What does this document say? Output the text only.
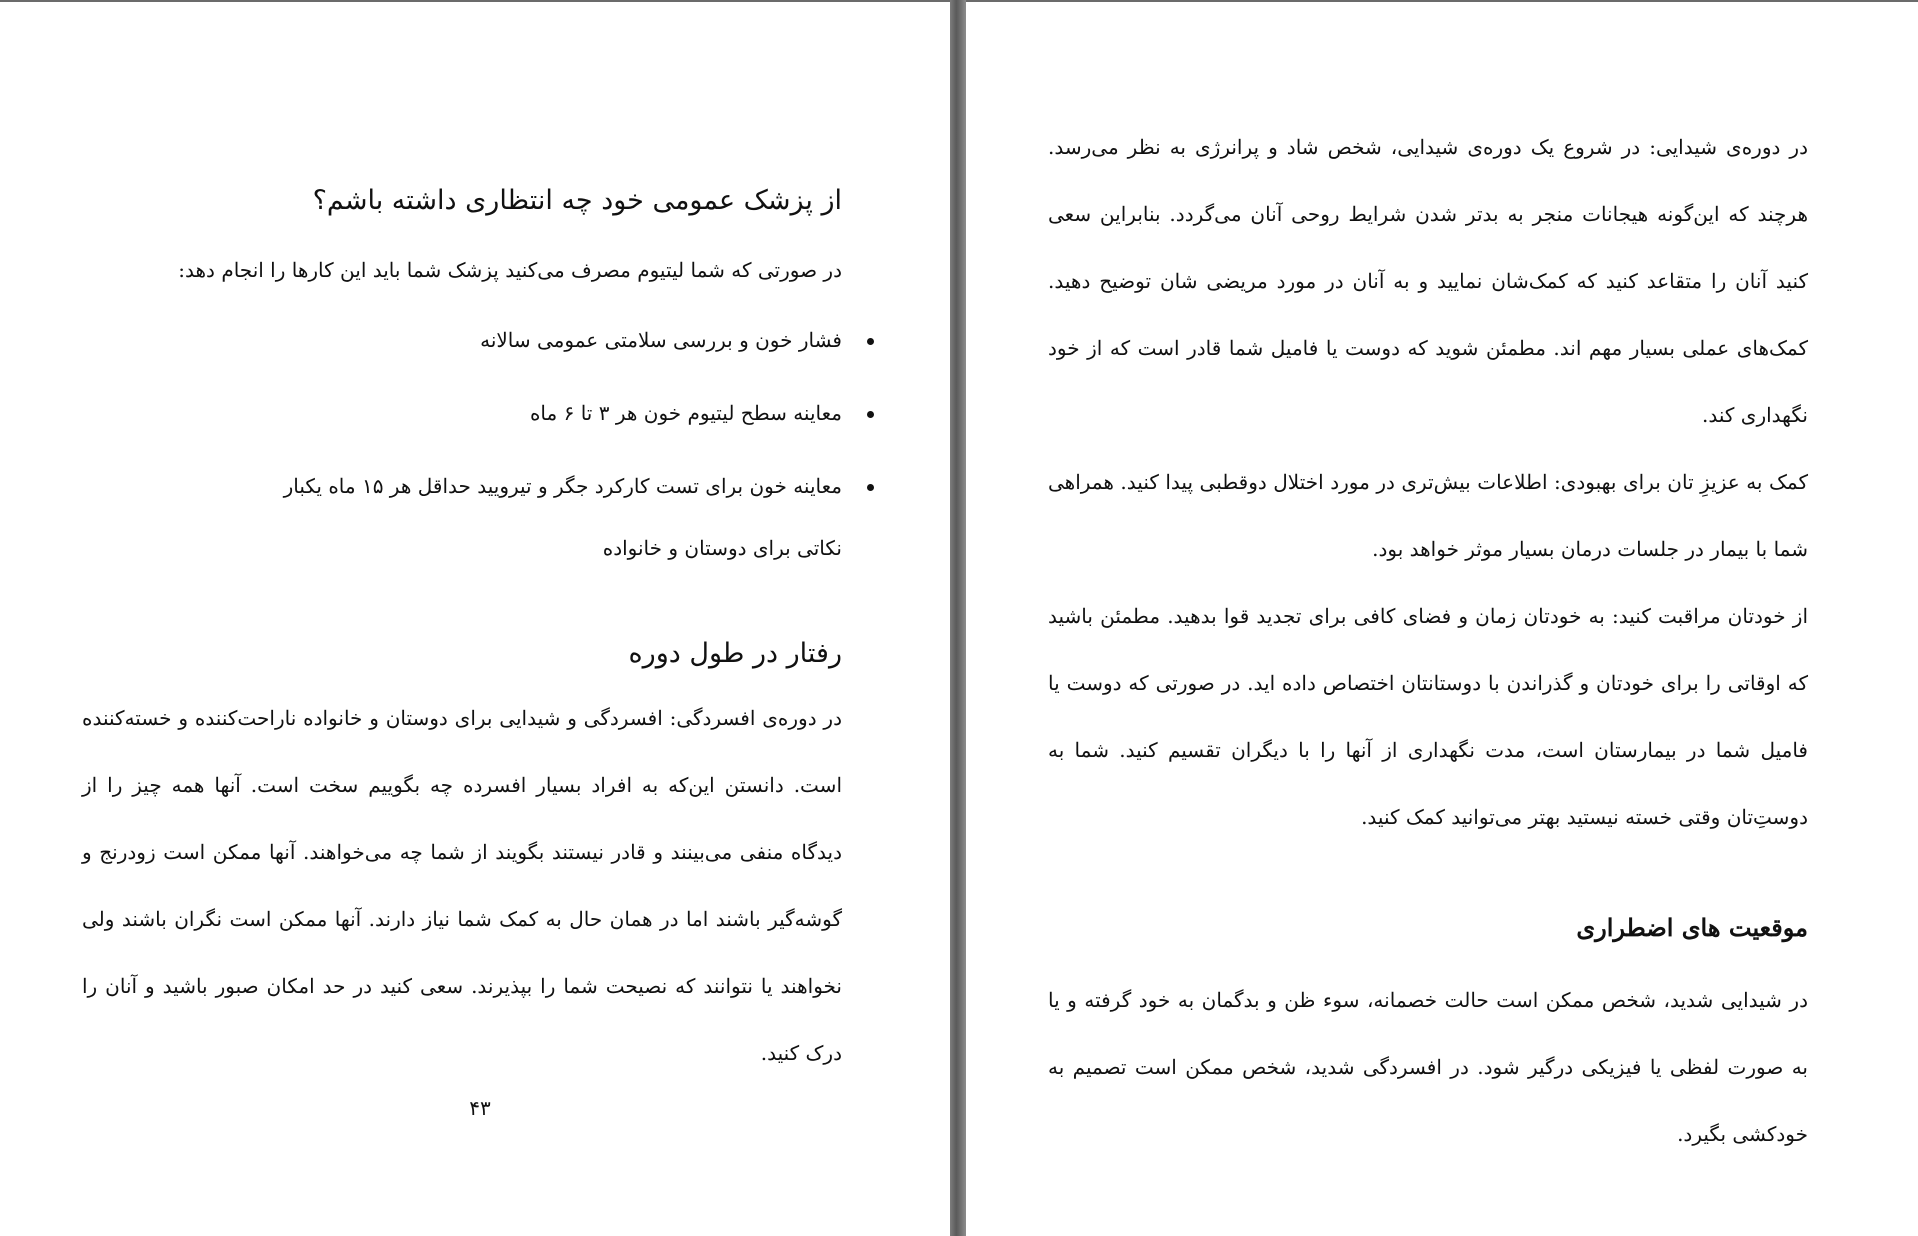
از پزشک عمومی خود چه انتظاری داشته باشم؟

در صورتی که شما لیتیوم مصرف می‌کنید پزشک شما باید این کارها را انجام دهد:

فشار خون و بررسی سلامتی عمومی سالانه
معاینه سطح لیتیوم خون هر ۳ تا ۶ ماه
معاینه خون برای تست کارکرد جگر و تیرویید حداقل هر ۱۵ ماه یکبار

نکاتی برای دوستان و خانواده

رفتار در طول دوره

در دوره‌ی افسردگی: افسردگی و شیدایی برای دوستان و خانواده ناراحت‌کننده و خسته‌کننده است. دانستن این‌که به افراد بسیار افسرده چه بگوییم سخت است. آنها همه چیز را از دیدگاه منفی می‌بینند و قادر نیستند بگویند از شما چه می‌خواهند. آنها ممکن است زودرنج و گوشه‌گیر باشند اما در همان حال به کمک شما نیاز دارند. آنها ممکن است نگران باشند ولی نخواهند یا نتوانند که نصیحت شما را بپذیرند. سعی کنید در حد امکان صبور باشید و آنان را درک کنید.

۴۳

در دوره‌ی شیدایی: در شروع یک دوره‌ی شیدایی، شخص شاد و پرانرژی به نظر می‌رسد. هرچند که این‌گونه هیجانات منجر به بدتر شدن شرایط روحی آنان می‌گردد. بنابراین سعی کنید آنان را متقاعد کنید که کمک‌شان نمایید و به آنان در مورد مریضی شان توضیح دهید. کمک‌های عملی بسیار مهم اند. مطمئن شوید که دوست یا فامیل شما قادر است که از خود نگهداری کند.

کمک به عزیزِ تان برای بهبودی: اطلاعات بیش‌تری در مورد اختلال دوقطبی پیدا کنید. همراهی شما با بیمار در جلسات درمان بسیار موثر خواهد بود.

از خودتان مراقبت کنید: به خودتان زمان و فضای کافی برای تجدید قوا بدهید. مطمئن باشید که اوقاتی را برای خودتان و گذراندن با دوستانتان اختصاص داده اید. در صورتی که دوست یا فامیل شما در بیمارستان است، مدت نگهداری از آنها را با دیگران تقسیم کنید. شما به دوستِ‌تان وقتی خسته نیستید بهتر می‌توانید کمک کنید.

موقعیت های اضطراری

در شیدایی شدید، شخص ممکن است حالت خصمانه، سوء ظن و بدگمان به خود گرفته و یا به صورت لفظی یا فیزیکی درگیر شود. در افسردگی شدید، شخص ممکن است تصمیم به خودکشی بگیرد.
